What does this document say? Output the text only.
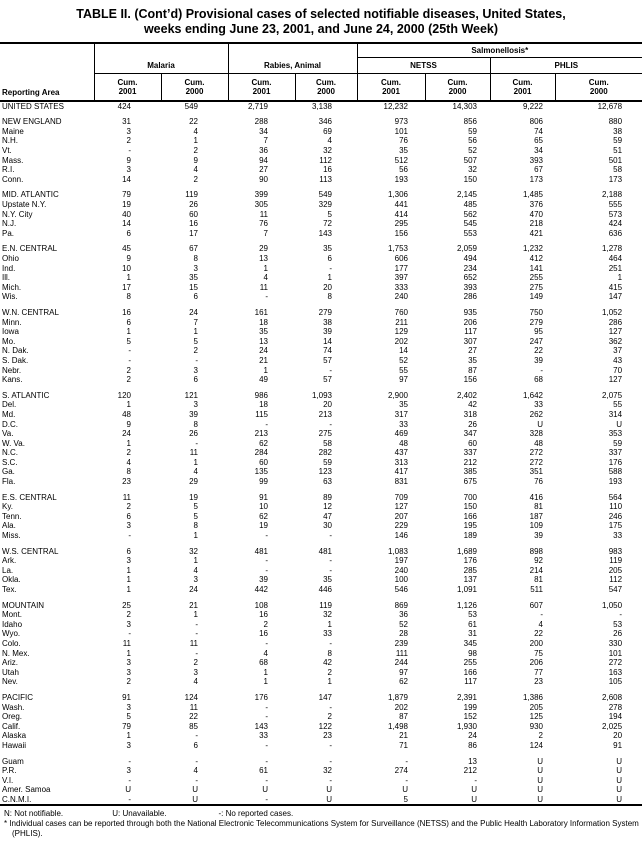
TABLE II. (Cont’d) Provisional cases of selected notifiable diseases, United States,
weeks ending June 23, 2001, and June 24, 2000 (25th Week)
Reporting Area					Salmonellosis*			
	Malaria		Rabies, Animal		NETSS		PHLIS	

Cum.
2001

Cum.
2000

Cum.
2001

Cum.
2000

Cum.
2001

Cum.
2000

Cum.
2001

Cum.
2000

UNITED STATES	424	549	2,719	3,138	12,232	14,303	9,222	12,678

NEW ENGLAND	31	22	288	346	973	856	806	880
Maine	3	4	34	69	101	59	74	38
N.H.	2	1	7	4	76	56	65	59
Vt.	-	2	36	32	35	52	34	51
Mass.	9	9	94	112	512	507	393	501
R.I.	3	4	27	16	56	32	67	58
Conn.	14	2	90	113	193	150	173	173

MID. ATLANTIC	79	119	399	549	1,306	2,145	1,485	2,188
Upstate N.Y.	19	26	305	329	441	485	376	555
N.Y. City	40	60	11	5	414	562	470	573
N.J.	14	16	76	72	295	545	218	424
Pa.	6	17	7	143	156	553	421	636

E.N. CENTRAL	45	67	29	35	1,753	2,059	1,232	1,278
Ohio	9	8	13	6	606	494	412	464
Ind.	10	3	1	-	177	234	141	251
Ill.	1	35	4	1	397	652	255	1
Mich.	17	15	11	20	333	393	275	415
Wis.	8	6	-	8	240	286	149	147

W.N. CENTRAL	16	24	161	279	760	935	750	1,052
Minn.	6	7	18	38	211	206	279	286
Iowa	1	1	35	39	129	117	95	127
Mo.	5	5	13	14	202	307	247	362
N. Dak.	-	2	24	74	14	27	22	37
S. Dak.	-	-	21	57	52	35	39	43
Nebr.	2	3	1	-	55	87	-	70
Kans.	2	6	49	57	97	156	68	127

S. ATLANTIC	120	121	986	1,093	2,900	2,402	1,642	2,075
Del.	1	3	18	20	35	42	33	55
Md.	48	39	115	213	317	318	262	314
D.C.	9	8	-	-	33	26	U	U
Va.	24	26	213	275	469	347	328	353
W. Va.	1	-	62	58	48	60	48	59
N.C.	2	11	284	282	437	337	272	337
S.C.	4	1	60	59	313	212	272	176
Ga.	8	4	135	123	417	385	351	588
Fla.	23	29	99	63	831	675	76	193

E.S. CENTRAL	11	19	91	89	709	700	416	564
Ky.	2	5	10	12	127	150	81	110
Tenn.	6	5	62	47	207	166	187	246
Ala.	3	8	19	30	229	195	109	175
Miss.	-	1	-	-	146	189	39	33

W.S. CENTRAL	6	32	481	481	1,083	1,689	898	983
Ark.	3	1	-	-	197	176	92	119
La.	1	4	-	-	240	285	214	205
Okla.	1	3	39	35	100	137	81	112
Tex.	1	24	442	446	546	1,091	511	547

MOUNTAIN	25	21	108	119	869	1,126	607	1,050
Mont.	2	1	16	32	36	53	-	-
Idaho	3	-	2	1	52	61	4	53
Wyo.	-	-	16	33	28	31	22	26
Colo.	11	11	-	-	239	345	200	330
N. Mex.	1	-	4	8	111	98	75	101
Ariz.	3	2	68	42	244	255	206	272
Utah	3	3	1	2	97	166	77	163
Nev.	2	4	1	1	62	117	23	105

PACIFIC	91	124	176	147	1,879	2,391	1,386	2,608
Wash.	3	11	-	-	202	199	205	278
Oreg.	5	22	-	2	87	152	125	194
Calif.	79	85	143	122	1,498	1,930	930	2,025
Alaska	1	-	33	23	21	24	2	20
Hawaii	3	6	-	-	71	86	124	91

Guam	-	-	-	-	-	13	U	U
P.R.	3	4	61	32	274	212	U	U
V.I.	-	-	-	-	-	-	U	U
Amer. Samoa	U	U	U	U	U	U	U	U
C.N.M.I.	-	U	-	U	5	U	U	U
N: Not notifiable.	U: Unavailable.	-: No reported cases.
* Individual cases can be reported through both the National Electronic Telecommunications System for Surveillance (NETSS) and the Public Health Laboratory Information System (PHLIS).
